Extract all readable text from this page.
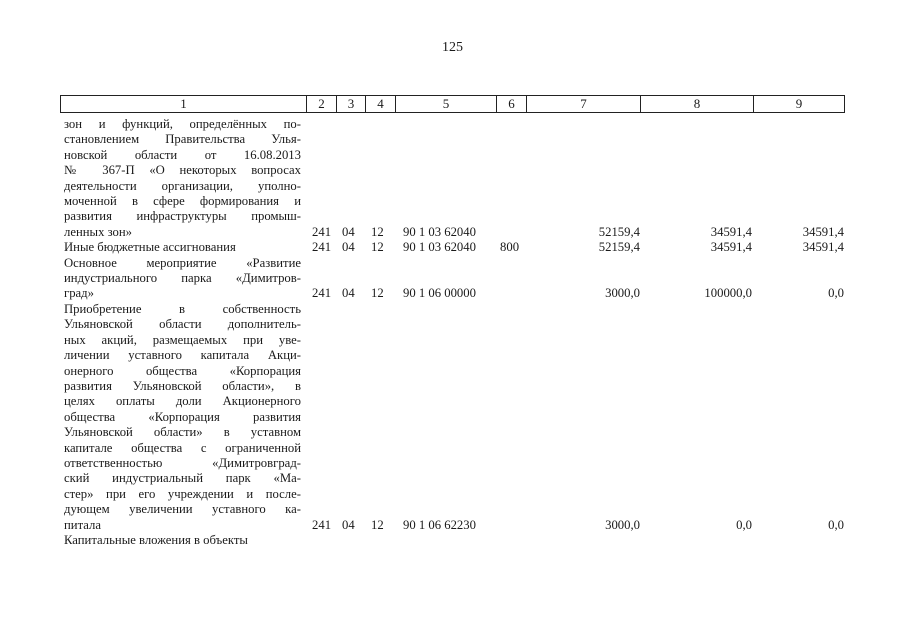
125
1	2	3	4	5	6	7	8	9
зон и функций, определённых по-
становлением Правительства Улья-
новской области от 16.08.2013
№ 367-П «О некоторых вопросах
деятельности организации, уполно-
моченной в сфере формирования и
развития инфраструктуры промыш-
ленных зон»	241 04 12 90 1 03 62040	52159,4	34591,4	34591,4
Иные бюджетные ассигнования	241 04 12 90 1 03 62040 800	52159,4	34591,4	34591,4
Основное мероприятие «Развитие
индустриального парка «Димитров-
град»	241 04 12 90 1 06 00000	3000,0	100000,0	0,0
Приобретение в собственность
Ульяновской области дополнитель-
ных акций, размещаемых при уве-
личении уставного капитала Акци-
онерного общества «Корпорация
развития Ульяновской области», в
целях оплаты доли Акционерного
общества «Корпорация развития
Ульяновской области» в уставном
капитале общества с ограниченной
ответственностью «Димитровград-
ский индустриальный парк «Ма-
стер» при его учреждении и после-
дующем увеличении уставного ка-
питала	241 04 12 90 1 06 62230	3000,0	0,0	0,0
Капитальные вложения в объекты
